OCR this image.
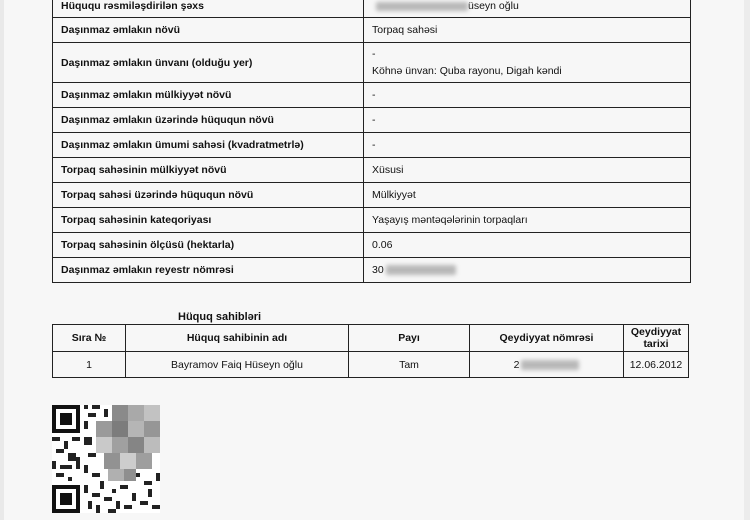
Hüququ rəsmiləşdirilən şəxs	üseyn oğlu
Daşınmaz əmlakın növü	Torpaq sahəsi
Daşınmaz əmlakın ünvanı (olduğu yer)	-
Köhnə ünvan: Quba rayonu, Digah kəndi

Daşınmaz əmlakın mülkiyyət növü	-
Daşınmaz əmlakın üzərində hüququn növü	-
Daşınmaz əmlakın ümumi sahəsi (kvadratmetrlə)	-
Torpaq sahəsinin mülkiyyət növü	Xüsusi
Torpaq sahəsi üzərində hüququn növü	Mülkiyyət
Torpaq sahəsinin kateqoriyası	Yaşayış məntəqələrinin torpaqları
Torpaq sahəsinin ölçüsü (hektarla)	0.06
Daşınmaz əmlakın reyestr nömrəsi	30
Hüquq sahibləri
Sıra №	Hüquq sahibinin adı	Payı	Qeydiyyat nömrəsi	Qeydiyyat tarixi
1	Bayramov Faiq Hüseyn oğlu	Tam	2	12.06.2012
